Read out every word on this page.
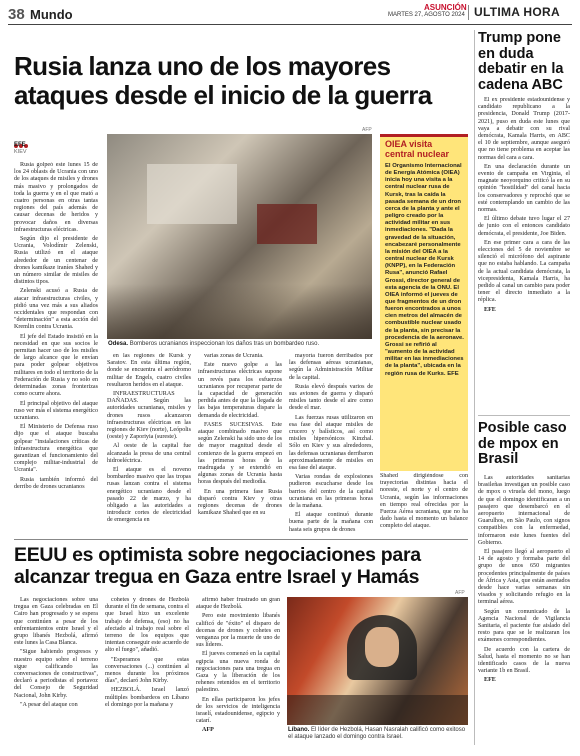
38 Mundo	ASUNCIÓN
MARTES 27, AGOSTO 2024 ULTIMA HORA
Rusia lanza uno de los mayores
ataques desde el inicio de la guerra
EFE
KIEV

Rusia golpeó este lunes 15 de los 24 oblasts de Ucrania con uno de los ataques de misiles y drones más masivo y prolongados de toda la guerra y en el que mató a cuatro personas en otras tantas regiones del país además de causar decenas de heridos y provocar daños en diversas infraestructuras eléctricas.

Según dijo el presidente de Ucrania, Volodímir Zelenski, Rusia utilizó en el ataque alrededor de un centenar de drones kamikaze iraníes Shahed y un número similar de misiles de distintos tipos.

Zelenski acusó a Rusia de atacar infraestructuras civiles, y pidió una vez más a sus aliados occidentales que respondan con "determinación" a esta acción del Kremlin contra Ucrania.

El jefe del Estado insistió en la necesidad en que sus socios le permitan hacer uso de los misiles de largo alcance que le envían para poder golpear objetivos militares en todo el territorio de la Federación de Rusia y no solo en determinadas zonas fronterizas como ocurre ahora.

El principal objetivo del ataque ruso ver más el sistema energético ucraniano.

El Ministerio de Defensa ruso dijo que el ataque buscaba golpear "instalaciones críticas de infraestructura energética que garantizan el funcionamiento del complejo militar-industrial de Ucrania".

Rusia también informó del derribo de drones ucranianos

AFP
Odesa. Bomberos ucranianos inspeccionan los daños tras un bombardeo ruso.

en las regiones de Kursk y Saratov. En esta última región, donde se encuentra el aeródromo militar de Engels, cuatro civiles resultaron heridos en el ataque.

INFRAESTRUCTURAS DAÑADAS. Según las autoridades ucranianas, misiles y drones rusos alcanzaron infraestructuras eléctricas en las regiones de Kiev (norte), Leópolis (oeste) y Zaporiyia (sureste).

Al oeste de la capital fue alcanzada la presa de una central hidroeléctrica.

El ataque es el noveno bombardeo masivo que las tropas rusas lanzan contra el sistema energético ucraniano desde el pasado 22 de marzo, y ha obligado a las autoridades a introducir cortes de electricidad de emergencia en

varias zonas de Ucrania.

Este nuevo golpe a las infraestructuras eléctricas supone un revés para los esfuerzos ucranianos por recuperar parte de la capacidad de generación perdida antes de que la llegada de las bajas temperaturas dispare la demanda de electricidad.

FASES SUCESIVAS. Este ataque combinado masivo que según Zelenski ha sido uno de los de mayor magnitud desde el comienzo de la guerra empezó en las primeras horas de la madrugada y se extendió en algunas zonas de Ucrania hasta horas después del mediodía.

En una primera fase Rusia disparó contra Kiev y otras regiones decenas de drones kamikaze Shahed que en su

mayoría fueron derribados por las defensas aéreas ucranianas, según la Administración Militar de la capital.

Rusia elevó después varios de sus aviones de guerra y disparó misiles tanto desde el aire como desde el mar.

Las fuerzas rusas utilizaron en esa fase del ataque misiles de crucero y balísticos, así como misiles hipersónicos Kinzhal. Sólo en Kiev y sus alrededores, las defensas ucranianas derribaron aproximadamente de misiles en esa fase del ataque.

Varias rondas de explosiones pudieron escucharse desde los barrios del centro de la capital ucraniana en las primeras horas de la mañana.

El ataque continuó durante buena parte de la mañana con hasta seis grupos de drones

OIEA visita
central nuclear
El Organismo Internacional de Energía Atómica (OIEA) inicia hoy una visita a la central nuclear rusa de Kursk, tras la caída la pasada semana de un dron cerca de la planta y ante el peligro creado por la actividad militar en sus inmediaciones. "Dada la gravedad de la situación, encabezaré personalmente la misión del OIEA a la central nuclear de Kursk (KNPP), en la Federación Rusa", anunció Rafael Grossi, director general de esta agencia de la ONU. El OIEA informó el jueves de que fragmentos de un dron fueron encontrados a unos cien metros del almacén de combustible nuclear usado de la planta, sin precisar la procedencia de la aeronave. Grossi se refirió al "aumento de la actividad militar en las inmediaciones de la planta", ubicada en la región rusa de Kurks. EFE
Shahed dirigiéndose con trayectorias distintas hacia el noreste, el norte y el centro de Ucrania, según las informaciones en tiempo real ofrecidas por la Fuerza Aérea ucraniana, que no ha dado hasta el momento un balance completo del ataque.
Trump pone en duda debatir en la cadena ABC

El ex presidente estadounidense y candidato republicano a la presidencia, Donald Trump (2017-2021), puso en duda este lunes que vaya a debatir con su rival demócrata, Kamala Harris, en ABC el 10 de septiembre, aunque aseguró que no tiene problema en aceptar las normas del cara a cara.

En una declaración durante un evento de campaña en Virginia, el magnate neoyorquino criticó la en su opinión "hostilidad" del canal hacia los conservadores y reprochó que se esté contemplando un cambio de las normas.

El último debate tuvo lugar el 27 de junio con el entonces candidato demócrata, el presidente, Joe Biden.

En ese primer cara a cara de las elecciones del 5 de noviembre se silenció el micrófono del aspirante que no estaba hablando. La campaña de la actual candidata demócrata, la vicepresidenta, Kamala Harris, ha pedido al canal un cambio para poder tener el directo inmediato a la réplica.

EFE

Posible caso de mpox en Brasil

Las autoridades sanitarias brasileñas investigan un posible caso de mpox o viruela del mono, luego de que el domingo identificaran a un pasajero que desembarcó en el aeropuerto internacional de Guarulhos, en São Paulo, con signos compatibles con la enfermedad, informaron este lunes fuentes del Gobierno.

El pasajero llegó al aeropuerto el 14 de agosto y formaba parte del grupo de unos 650 migrantes procedentes principalmente de países de África y Asia, que están asentados desde hace varias semanas sin visados y solicitando refugio en la terminal aérea.

Según un comunicado de la Agencia Nacional de Vigilancia Sanitaria, el paciente fue aislado del resto para que se le realizaran los exámenes correspondientes.

De acuerdo con la cartera de Salud, hasta el momento no se han identificado casos de la nueva variante 1b en Brasil.

EFE

EEUU es optimista sobre negociaciones para
alcanzar tregua en Gaza entre Israel y Hamás

Las negociaciones sobre una tregua en Gaza celebradas en El Cairo han progresado y se espera que continúen a pesar de los enfrentamientos entre Israel y el grupo libanés Hezbolá, afirmó este lunes la Casa Blanca.

"Sigue habiendo progresos y nuestro equipo sobre el terreno sigue calificando las conversaciones de constructivas", declaró a periodistas el portavoz del Consejo de Seguridad Nacional, John Kirby.

"A pesar del ataque con

cohetes y drones de Hezbolá durante el fin de semana, contra el que Israel hizo un excelente trabajo de defensa, (eso) no ha afectado al trabajo real sobre el terreno de los equipos que intentan conseguir este acuerdo de alto el fuego", añadió.

"Esperamos que estas conversaciones (...) continúen al menos durante los próximos días", declaró John Kirby.

HEZBOLÁ. Israel lanzó múltiples bombardeos en Líbano el domingo por la mañana y

afirmó haber frustrado un gran ataque de Hezbolá.

Pero este movimiento libanés calificó de "éxito" el disparo de decenas de drones y cohetes en venganza por la muerte de uno de sus líderes.

El jueves comenzó en la capital egipcia una nueva ronda de negociaciones para una tregua en Gaza y la liberación de los rehenes retenidos en el territorio palestino.

En ellas participaron los jefes de los servicios de inteligencia israelí, estadounidense, egipcio y catarí.

AFP

AFP
Líbano. El líder de Hezbolá, Hasan Nasralah calificó como exitoso el ataque lanzado el domingo contra Israel.
